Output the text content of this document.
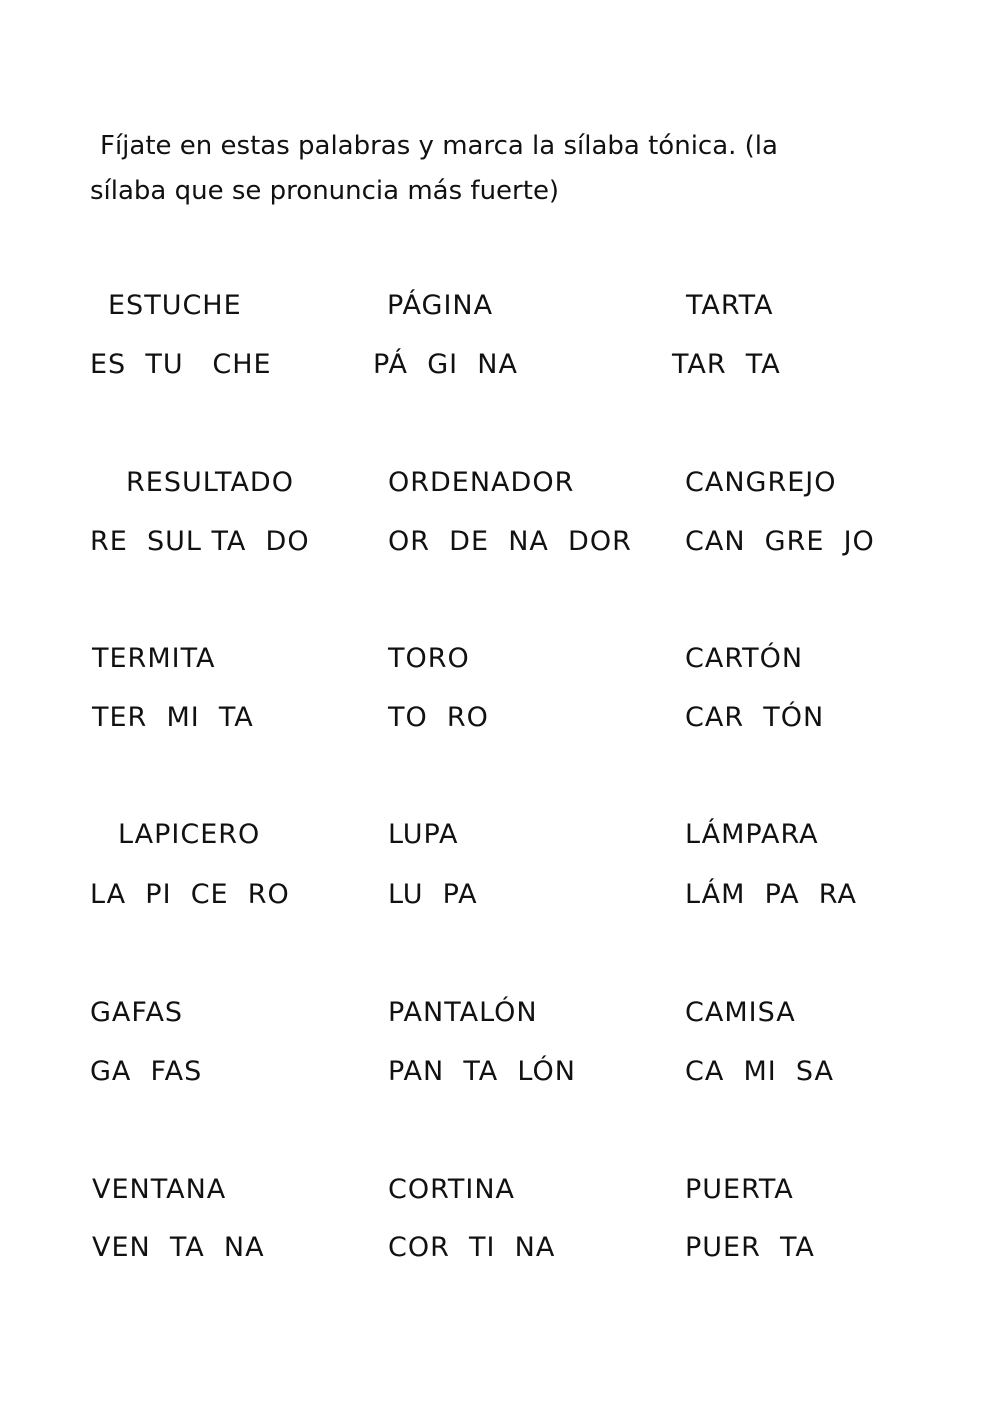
Fíjate en estas palabras y marca la sílaba tónica. (la
sílaba que se pronuncia más fuerte)

ESTUCHE
ES  TU   CHE
PÁGINA
PÁ  GI  NA
TARTA
TAR  TA
RESULTADO
RE  SUL TA  DO
ORDENADOR
OR  DE  NA  DOR
CANGREJO
CAN  GRE  JO
TERMITA
TER  MI  TA
TORO
TO  RO
CARTÓN
CAR  TÓN
LAPICERO
LA  PI  CE  RO
LUPA
LU  PA
LÁMPARA
LÁM  PA  RA
GAFAS
GA  FAS
PANTALÓN
PAN  TA  LÓN
CAMISA
CA  MI  SA
VENTANA
VEN  TA  NA
CORTINA
COR  TI  NA
PUERTA
PUER  TA
